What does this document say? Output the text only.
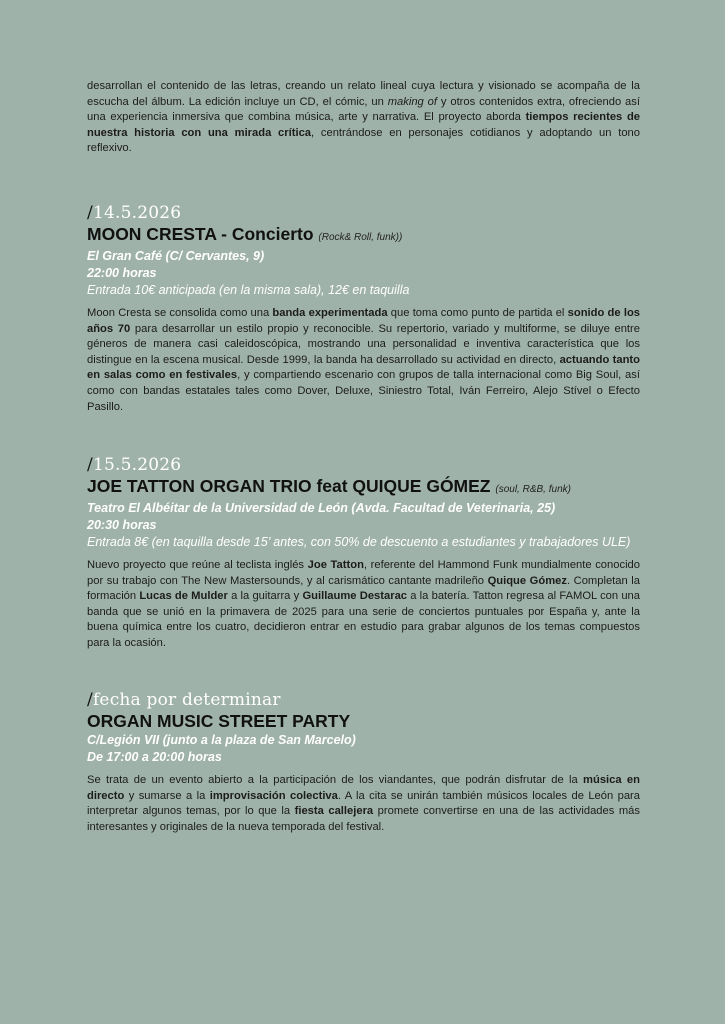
desarrollan el contenido de las letras, creando un relato lineal cuya lectura y visionado se acompaña de la escucha del álbum. La edición incluye un CD, el cómic, un making of y otros contenidos extra, ofreciendo así una experiencia inmersiva que combina música, arte y narrativa. El proyecto aborda tiempos recientes de nuestra historia con una mirada crítica, centrándose en personajes cotidianos y adoptando un tono reflexivo.

/14.5.2026
MOON CRESTA - Concierto (Rock& Roll, funk))
El Gran Café (C/ Cervantes, 9)
22:00 horas
Entrada 10€ anticipada (en la misma sala), 12€ en taquilla

Moon Cresta se consolida como una banda experimentada que toma como punto de partida el sonido de los años 70 para desarrollar un estilo propio y reconocible. Su repertorio, variado y multiforme, se diluye entre géneros de manera casi caleidoscópica, mostrando una personalidad e inventiva característica que los distingue en la escena musical. Desde 1999, la banda ha desarrollado su actividad en directo, actuando tanto en salas como en festivales, y compartiendo escenario con grupos de talla internacional como Big Soul, así como con bandas estatales tales como Dover, Deluxe, Siniestro Total, Iván Ferreiro, Alejo Stível o Efecto Pasillo.

/15.5.2026
JOE TATTON ORGAN TRIO feat QUIQUE GÓMEZ (soul, R&B, funk)
Teatro El Albéitar de la Universidad de León (Avda. Facultad de Veterinaria, 25)
20:30 horas
Entrada 8€ (en taquilla desde 15’ antes, con 50% de descuento a estudiantes y trabajadores ULE)

Nuevo proyecto que reúne al teclista inglés Joe Tatton, referente del Hammond Funk mundialmente conocido por su trabajo con The New Mastersounds, y al carismático cantante madrileño Quique Gómez. Completan la formación Lucas de Mulder a la guitarra y Guillaume Destarac a la batería. Tatton regresa al FAMOL con una banda que se unió en la primavera de 2025 para una serie de conciertos puntuales por España y, ante la buena química entre los cuatro, decidieron entrar en estudio para grabar algunos de los temas compuestos para la ocasión.

/fecha por determinar
ORGAN MUSIC STREET PARTY
C/Legión VII (junto a la plaza de San Marcelo)
De 17:00 a 20:00 horas

Se trata de un evento abierto a la participación de los viandantes, que podrán disfrutar de la música en directo y sumarse a la improvisación colectiva. A la cita se unirán también músicos locales de León para interpretar algunos temas, por lo que la fiesta callejera promete convertirse en una de las actividades más interesantes y originales de la nueva temporada del festival.
